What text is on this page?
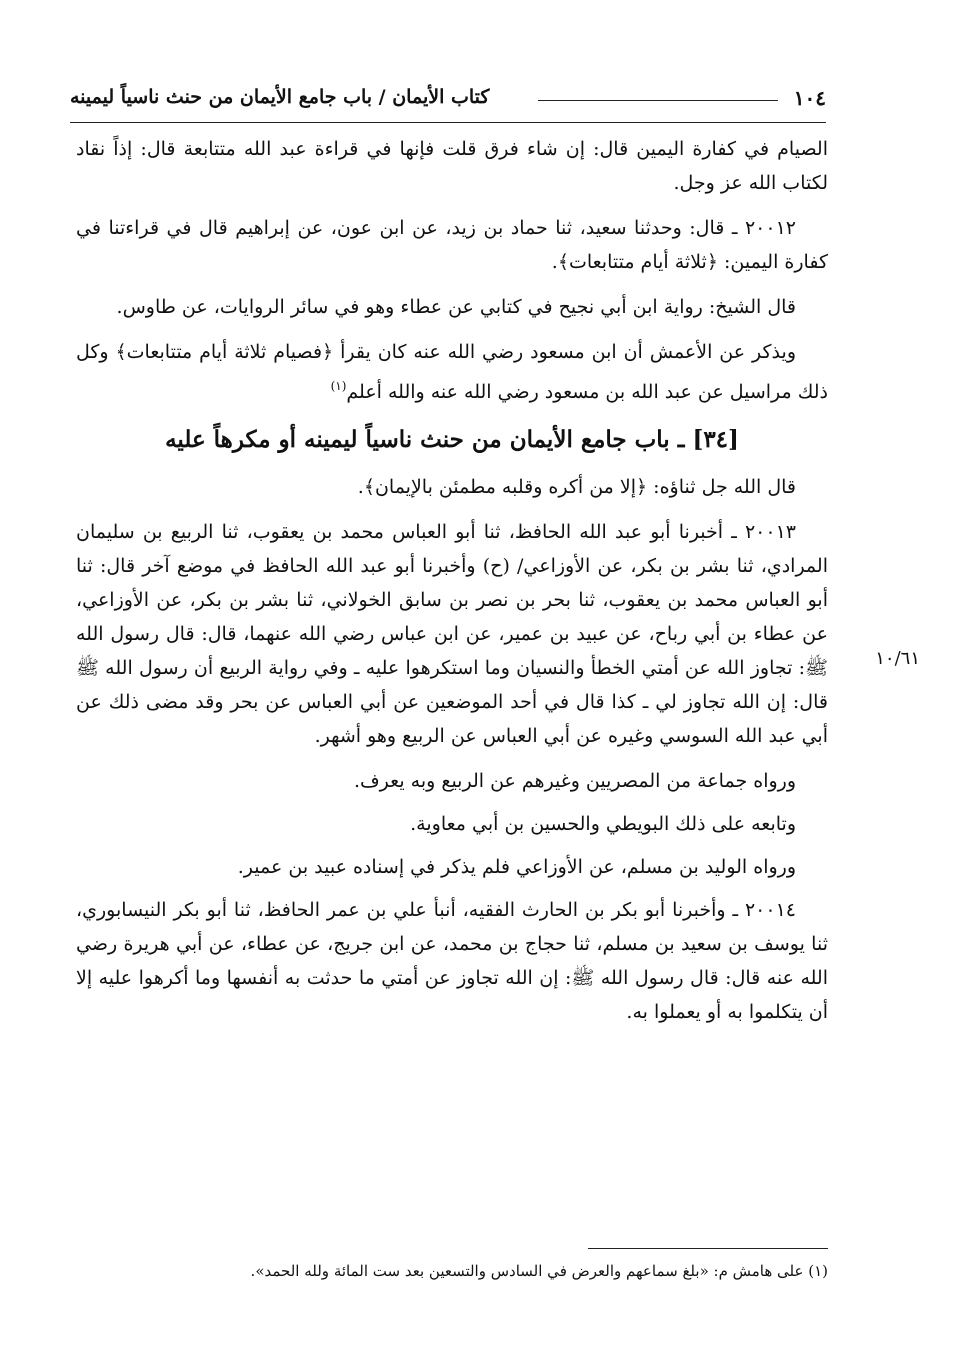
١٠٤
كتاب الأيمان / باب جامع الأيمان من حنث ناسياً ليمينه
١٠/٦١

الصيام في كفارة اليمين قال: إن شاء فرق قلت فإنها في قراءة عبد الله متتابعة قال: إذاً نقاد لكتاب الله عز وجل.

٢٠٠١٢ ـ قال: وحدثنا سعيد، ثنا حماد بن زيد، عن ابن عون، عن إبراهيم قال في قراءتنا في كفارة اليمين: ﴿ثلاثة أيام متتابعات﴾.

قال الشيخ: رواية ابن أبي نجيح في كتابي عن عطاء وهو في سائر الروايات، عن طاوس.

ويذكر عن الأعمش أن ابن مسعود رضي الله عنه كان يقرأ ﴿فصيام ثلاثة أيام متتابعات﴾ وكل ذلك مراسيل عن عبد الله بن مسعود رضي الله عنه والله أعلم$^{(١)}$

[٣٤] ـ باب جامع الأيمان من حنث ناسياً ليمينه أو مكرهاً عليه

قال الله جل ثناؤه: ﴿إلا من أكره وقلبه مطمئن بالإيمان﴾.

٢٠٠١٣ ـ أخبرنا أبو عبد الله الحافظ، ثنا أبو العباس محمد بن يعقوب، ثنا الربيع بن سليمان المرادي، ثنا بشر بن بكر، عن الأوزاعي/ (ح) وأخبرنا أبو عبد الله الحافظ في موضع آخر قال: ثنا أبو العباس محمد بن يعقوب، ثنا بحر بن نصر بن سابق الخولاني، ثنا بشر بن بكر، عن الأوزاعي، عن عطاء بن أبي رباح، عن عبيد بن عمير، عن ابن عباس رضي الله عنهما، قال: قال رسول الله ﷺ: تجاوز الله عن أمتي الخطأ والنسيان وما استكرهوا عليه ـ وفي رواية الربيع أن رسول الله ﷺ قال: إن الله تجاوز لي ـ كذا قال في أحد الموضعين عن أبي العباس عن بحر وقد مضى ذلك عن أبي عبد الله السوسي وغيره عن أبي العباس عن الربيع وهو أشهر.

ورواه جماعة من المصريين وغيرهم عن الربيع وبه يعرف.

وتابعه على ذلك البويطي والحسين بن أبي معاوية.

ورواه الوليد بن مسلم، عن الأوزاعي فلم يذكر في إسناده عبيد بن عمير.

٢٠٠١٤ ـ وأخبرنا أبو بكر بن الحارث الفقيه، أنبأ علي بن عمر الحافظ، ثنا أبو بكر النيسابوري، ثنا يوسف بن سعيد بن مسلم، ثنا حجاج بن محمد، عن ابن جريج، عن عطاء، عن أبي هريرة رضي الله عنه قال: قال رسول الله ﷺ: إن الله تجاوز عن أمتي ما حدثت به أنفسها وما أكرهوا عليه إلا أن يتكلموا به أو يعملوا به.

(١) على هامش م: «بلغ سماعهم والعرض في السادس والتسعين بعد ست المائة ولله الحمد».
